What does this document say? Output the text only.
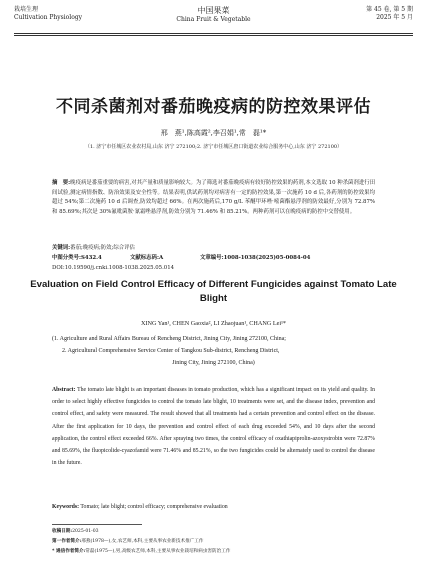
栽培生理
Cultivation Physiology
中国果菜
China Fruit & Vegetable
第 45 卷, 第 5 期
2025 年 5 月
不同杀菌剂对番茄晚疫病的防控效果评估
邢　燕¹,陈高霞²,李召娟¹,常　磊¹*
（1. 济宁市任城区农业农村局,山东 济宁 272100;2. 济宁市任城区唐口街道农业综合服务中心,山东 济宁 272100）
摘　要:晚疫病是番茄重要的病害,对其产量和质量影响较大。为了筛选对番茄晚疫病有较好防控效果的药剂,本文选取 10 种杀菌剂进行田间试验,测定病情指数、防治效果及安全性等。结果表明,供试药剂均对病害有一定的防控效果,第一次施药 10 d 后,各药剂的防控效果均超过 54%;第二次施药 10 d 后调查,防效均超过 66%。在两次施药后,170 g/L 苯醚甲环唑·嘧菌酯悬浮剂的防效最好,分别为 72.87% 和 85.69%;其次是 30%氟吡菌胺·氰霜唑悬浮剂,防效分别为 71.46% 和 85.21%。两种药剂可以在晚疫病的防控中交替使用。
关键词:番茄;晚疫病;防效;综合评估
中图分类号:S432.4	文献标志码:A	文章编号:1008-1038(2025)05-0084-04
DOI:10.19590/j.cnki.1008-1038.2025.05.014
Evaluation on Field Control Efficacy of Different Fungicides against Tomato Late Blight
XING Yan¹, CHEN Gaoxia², LI Zhaojuan¹, CHANG Lei¹*
(1. Agriculture and Rural Affairs Bureau of Rencheng District, Jining City, Jining 272100, China;
2. Agricultural Comprehensive Service Center of Tangkou Sub-district, Rencheng District,
Jining City, Jining 272100, China)
Abstract: The tomato late blight is an important diseases in tomato production, which has a significant impact on its yield and quality. In order to select highly effective fungicides to control the tomato late blight, 10 treatments were set, and the disease index, prevention and control effect, and safety were measured. The result showed that all treatments had a certain prevention and control effect on the disease. After the first application for 10 days, the prevention and control effect of each drug exceeded 54%, and 10 days after the second application, the control effect exceeded 66%. After spraying two times, the control efficacy of oxathiapiprolin-azoxystrobin were 72.87% and 85.69%, the fluopicolide-cyazofamid were 71.46% and 85.21%, so the two fungicides could be alternately used to control the disease in the future.
Keywords: Tomato; late blight; control efficacy; comprehensive evaluation
收稿日期:2025-01-03
第一作者简介:邢燕(1978—),女,农艺师,本科,主要从事农业新技术推广工作
* 通信作者简介:常磊(1975—),男,高级农艺师,本科,主要从事农业栽培和病虫害防治工作
